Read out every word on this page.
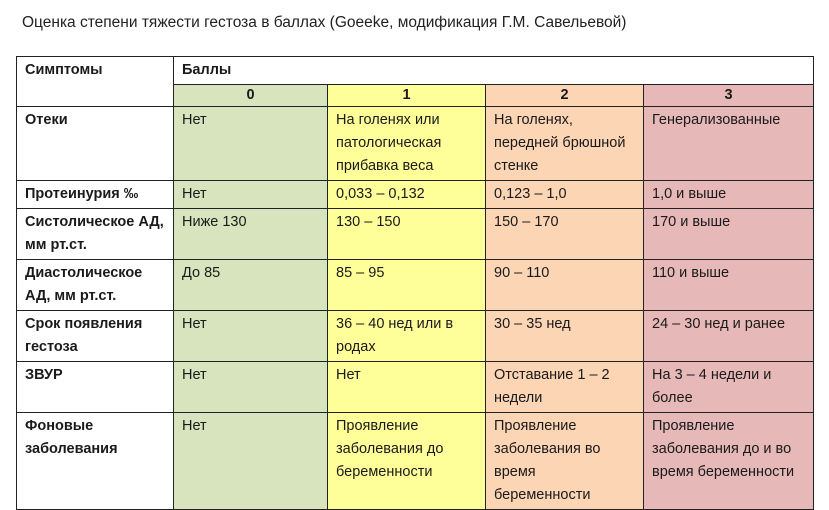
Оценка степени тяжести гестоза в баллах (Goeeke, модификация Г.М. Савельевой)
Симптомы	Баллы			
	0	1	2	3
Отеки	Нет	На голенях или патологическая прибавка веса	На голенях, передней брюшной стенке	Генерализованные
Протеинурия ‰	Нет	0,033 – 0,132	0,123 – 1,0	1,0 и выше
Систолическое АД, мм рт.ст.	Ниже 130	130 – 150	150 – 170	170 и выше
Диастолическое АД, мм рт.ст.	До 85	85 – 95	90 – 110	110 и выше
Срок появления гестоза	Нет	36 – 40 нед или в родах	30 – 35 нед	24 – 30 нед и ранее
ЗВУР	Нет	Нет	Отставание 1 – 2 недели	На 3 – 4 недели и более
Фоновые заболевания	Нет	Проявление заболевания до беременности	Проявление заболевания во время беременности	Проявление заболевания до и во время беременности
